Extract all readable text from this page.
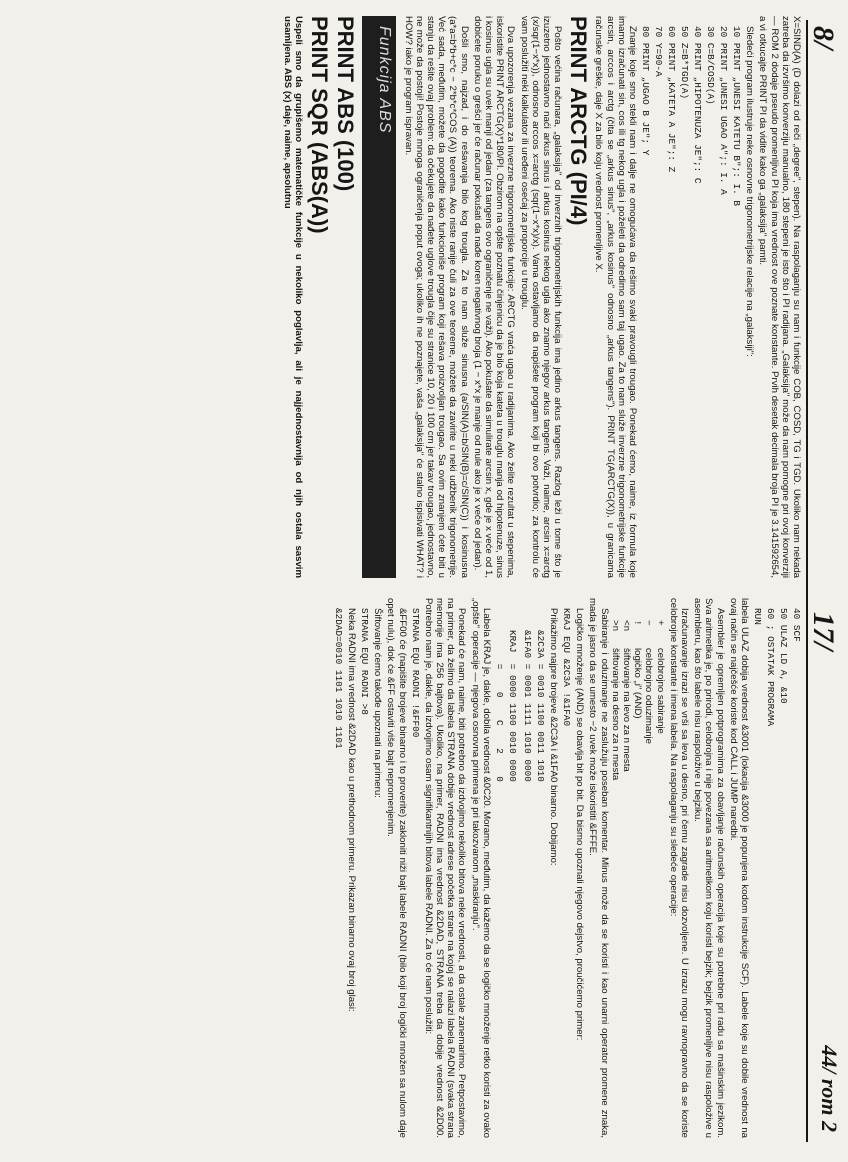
8/
17/

X=SIND(A) (D dolazi od reči „degree", stepen). Na raspolaganju su nam i funkcije COB, COSD, TG i TGD. Ukoliko nam nekada zatreba da izvršimo konverziju manualno, 180 stepeni je isto što i PI radijana. „Galaksija" može da nam pomogne pri ovoj konverziji — ROM 2 dodaje pseudo promenljivu PI koja ima vrednost ove poznate konstante. Prvih desetak decimala broja PI je 3.141592654, a vi otkucajte PRINT PI da vidite kako ga „galaksija" pamti.

Sledeći program ilustruje neke osnovne trigonometrijske relacije na „galaksiji":

10 PRINT „UNESI KATETU B";: I. B

20 PRINT „UNESI UGAO A";: I. A

30 C=B/COSD(A)

40 PRINT „HIPOTENUZA JE";: C

50 Z=B*TGD(A)

60 PRINT „KATETA A JE";: Z

70 Y=90-A

80 PRINT „UGAO B JE"; Y

Znanje koje smo stekli nam i dalje ne omogućava da rešimo svaki pravougli trougao. Ponekad ćemo, naime, iz formula koje imamo izračunati sin, cos ili tg nekog ugla i poželeti da odredimo sam taj ugao. Za to nam služe inverzne trigonometrijske funkcije arcsin, arccos i arctg (čita se „arkus sinus", „arkus kosinus" odnosno „arkus tangens"). PRINT TG(ARCTG(X)), u granicama računske greške, daje X za bilo koju vrednost promenljive X.

PRINT ARCTG (PI/4)

Pošto većina računara, „galaksija" od inverznih trigonometrijskih funkcija ima jedino arkus tangens. Razlog leži u tome što je izuzetno jednostavno naći arkus sinus i arkus kosinus nekog ugla ako znamo njegov arkus tangens. Važi, naime, arcsin x=arctg (x/sqr(1−x*x)), odnosno arccos x=arctg (sqr(1−x*x)/x). Vama ostavljamo da napišete program koji bi ovo potvrdio; za kontrolu će vam poslužiti neki kalkulator ili uređeni osećaj za proporcije u trouglu.

Dva upozorenja vezana za inverzne trigonometrijske funkcije: ARCTG vraća ugao u radijanima. Ako želite rezultat u stepenima, iskoristite PRINT ARCTG(X)*180/PI. Obzirom na opšte poznatu činjenicu da je bilo koja kateta u trouglu manja od hipotenuze, sinus i kosinus ugla su uvek manji od jedan (za tangens ovo ograničenje ne važi). Ako pokušate da simulirate arcsin x, gde je x veće od 1, dobićete poruku o grešci jer će računar pokušati da nađe koren negativnog broja (1 − x*x je manje od nule ako je x veće od jedan).

Došli smo, najzad, i do rešavanja bilo kog trougla. Za to nam služe sinusna (a/SIN(A)=b/SIN(B)=c/SIN(C)) i kosinusna (a*a=b*b+c*c − 2*b*c*COS (A)) teorema. Ako niste ranije čuli za ove teoreme, možete da zavirite u neki udžbenik trigonometrije. Već sada, međutim, možete da pogodite kako funkcioniše program koji rešava proizvoljan trougao. Sa ovim znanjem ćete biti u stanju da rešite ovaj problem: da očekujete da nađete uglove trougla čije su stranice 10, 20 i 100 cm jer takav trougao, jednostavno, ne može da postoji! Postoje mnoga ograničenja poput ovoga; ukoliko ih ne poznajete, vaša „galaksija" će stalno ispisivati WHAT? i HOW? iako je program ispravan.

Funkcija ABS
PRINT ABS (100)
PRINT SQR (ABS(A))

Uspeli smo da grupišemo matematičke funkcije u nekoliko poglavlja, ali je najjednostavnija od njih ostala sasvim usamljena. ABS (x) daje, naime, apsolutnu

40 SCF

50 ULAZ LD A, &10

60 ; OSTATAK PROGRAMA

RUN

labela ULAZ dobija vrednost &3001 (lokacija &3000 je popunjena kodom instrukcije SCF). Labele koje su dobile vrednost na ovaj način se najčešće koriste kod CALL i JUMP naredbi.

Asembler je opremljen potprogramima za obavljanje računskih operacija koje su potrebne pri radu sa mašinskim jezikom. Sva aritmetika je, po prirodi, celobrojna i nije povezana sa aritmetikom koju koristi bejzik; bejzik promenljive nisu raspoložive u asembleru, kao što labele nisu raspoložive u bejziku.

Izračunavanje izrazi se vrši sa leva u desno, pri čemu zagrade nisu dozvoljene. U izrazu mogu ravnopravno da se koriste celobrojne konstante i imena labela. Na raspolaganju su sledeće operacije:

+celobrojno sabiranje
−celobrojno oduzimanje
!logičko „i" (AND)
<nšiftovanje na levo za n mesta
>nšiftovanje na desno za n mesta

Sabiranje i oduzimanje ne zaslužuju poseban komentar. Minus može da se koristi i kao unarni operator promene znaka, mada je jasno da se umesto −2 uvek može iskoristiti &FFFE.

Logičko množenje (AND) se obavlja bit po bit. Da bismo upoznali njegovo dejstvo, proučićemo primer:

KRAJ EQU &2C3A !&1FA0

Prikažimo najpre brojeve &2C3A i &1FA0 binarno. Dobijamo:

&2C3A = 0010 1100 0011 1010

&1FA0 = 0001 1111 1010 0000

KRAJ  = 0000 1100 0010 0000

=    0    C    2    0

Labela KRAJ je, dakle, dobila vrednost &0C20. Moramo, međutim, da kažemo da se logičko množenje retko koristi za ovako „opšte" operacije — njegova osnovna primena je pri takozvanom „maskiranju".

Ponekad će nam, naime, biti potrebno da izdvojimo nekoliko bitova neke vrednosti, a da ostale zanemarimo. Pretpostavimo, na primer, da želimo da labela STRANA dobije vrednost adrese početka strane na kojoj se nalazi labela RADNI (svaka strana memorije ima 256 bajtova). Ukoliko, na primer, RADNI ima vrednost &2DAD, STRANA treba da dobije vrednost &2D00. Potrebno nam je, dakle, da izdvojimo osam signifikantnijih bitova labele RADNI. Za to će nam poslužiti:

STRANA EQU RADNI !&FF00

&FF00 će (napišite brojeve binarno i to proverite) zakloniti niži bajt labele RADNI (bilo koji broj logički množen sa nulom daje opet nulu), dok će &FF ostaviti više bajt nepromenjenim.

Šiftovanje ćemo takođe upoznati na primeru:

STRANA EQU RADNI >8

Neka RADNI ima vrednost &2DAD kao u prethodnom primeru. Prikazan binarno ovaj broj glasi:

&2DAD=0010 1101 1010 1101

44/ rom 2
